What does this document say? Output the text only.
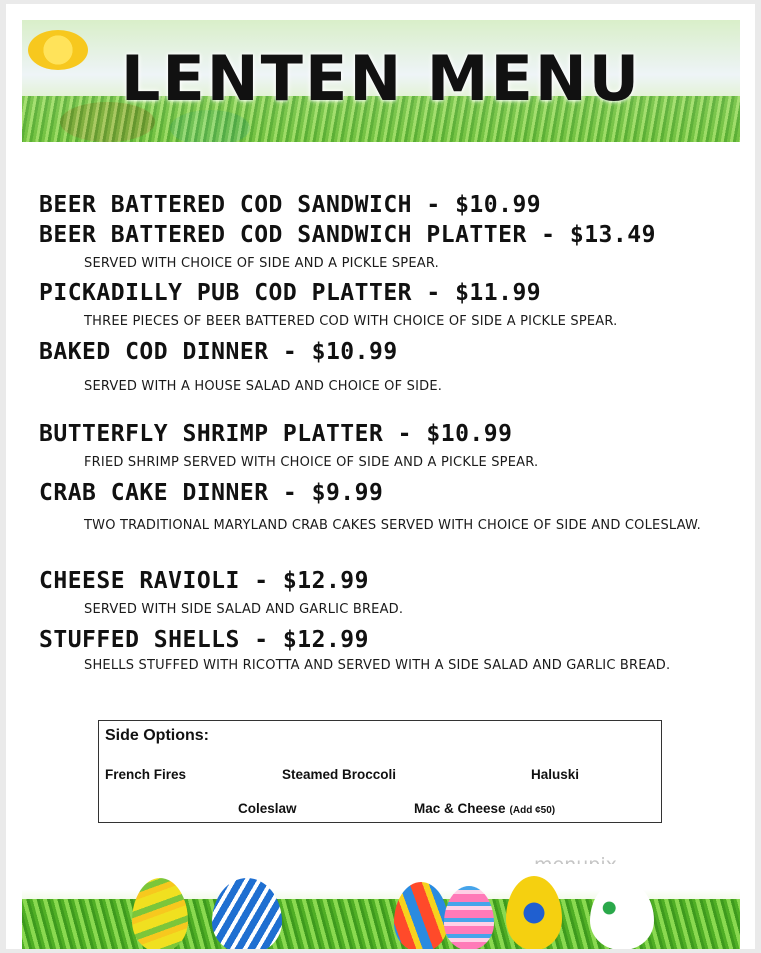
LENTEN MENU
BEER BATTERED COD SANDWICH - $10.99
BEER BATTERED COD SANDWICH PLATTER - $13.49
SERVED WITH CHOICE OF SIDE AND A PICKLE SPEAR.
PICKADILLY PUB COD PLATTER - $11.99
THREE PIECES OF BEER BATTERED COD WITH CHOICE OF SIDE A PICKLE SPEAR.
BAKED COD DINNER - $10.99
SERVED WITH A HOUSE SALAD AND CHOICE OF SIDE.
BUTTERFLY SHRIMP PLATTER - $10.99
FRIED SHRIMP SERVED WITH CHOICE OF SIDE AND A PICKLE SPEAR.
CRAB CAKE DINNER - $9.99
TWO TRADITIONAL MARYLAND CRAB CAKES SERVED WITH CHOICE OF SIDE AND COLESLAW.
CHEESE RAVIOLI - $12.99
SERVED WITH SIDE SALAD AND GARLIC BREAD.
STUFFED SHELLS - $12.99
SHELLS STUFFED WITH RICOTTA AND SERVED WITH A SIDE SALAD AND GARLIC BREAD.
Side Options:
French Fires	Steamed Broccoli	Haluski
Coleslaw	Mac & Cheese (Add ¢50)
